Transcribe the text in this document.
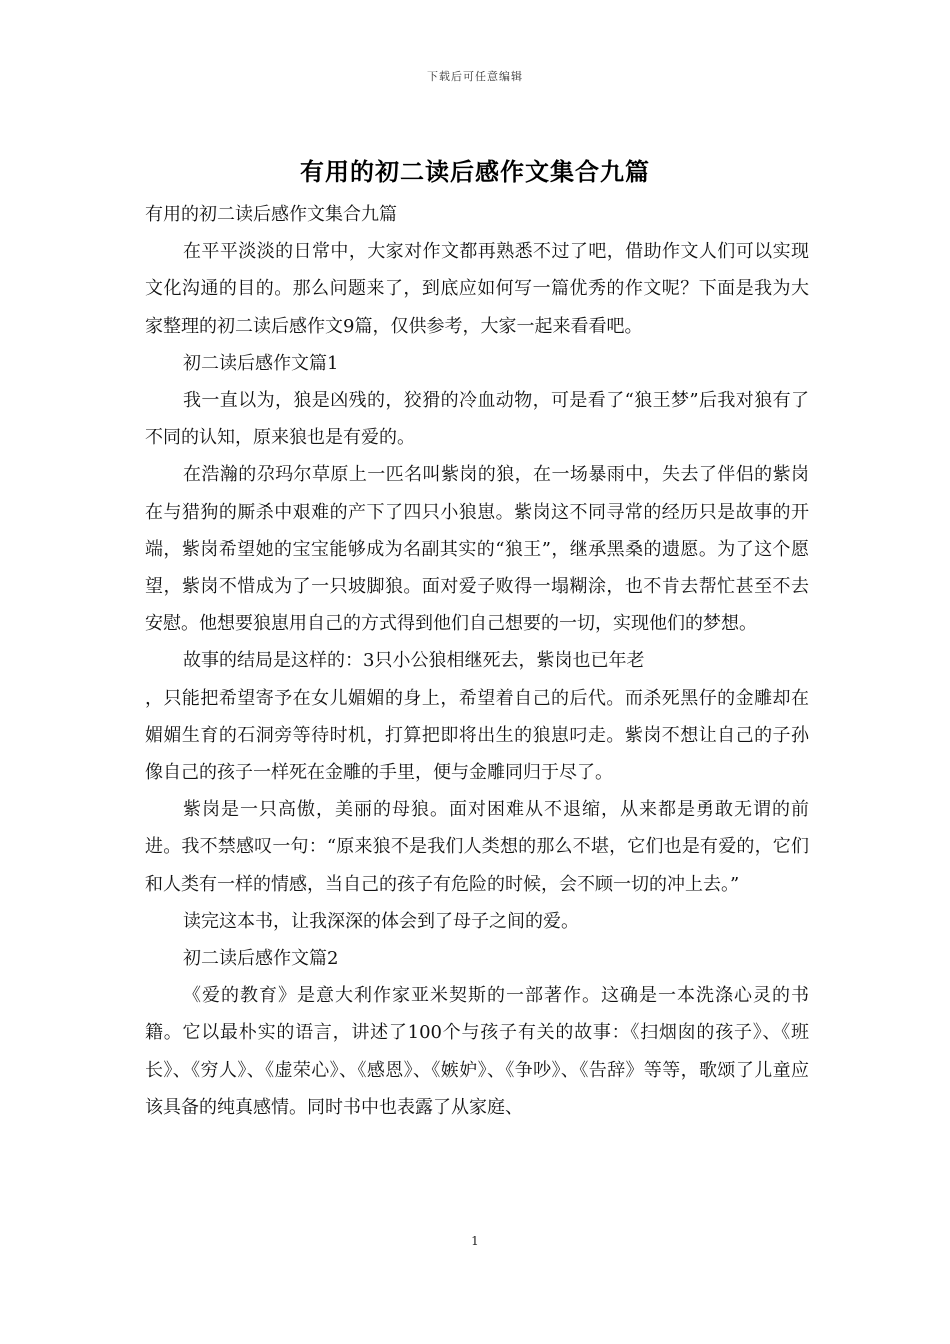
下载后可任意编辑
有用的初二读后感作文集合九篇

有用的初二读后感作文集合九篇

在平平淡淡的日常中，大家对作文都再熟悉不过了吧，借助作文人们可以实现文化沟通的目的。那么问题来了，到底应如何写一篇优秀的作文呢？下面是我为大家整理的初二读后感作文9篇，仅供参考，大家一起来看看吧。

初二读后感作文篇1

我一直以为，狼是凶残的，狡猾的冷血动物，可是看了“狼王梦”后我对狼有了不同的认知，原来狼也是有爱的。

在浩瀚的尕玛尔草原上一匹名叫紫岗的狼，在一场暴雨中，失去了伴侣的紫岗在与猎狗的厮杀中艰难的产下了四只小狼崽。紫岗这不同寻常的经历只是故事的开端，紫岗希望她的宝宝能够成为名副其实的“狼王”，继承黑桑的遗愿。为了这个愿望，紫岗不惜成为了一只坡脚狼。面对爱子败得一塌糊涂，也不肯去帮忙甚至不去安慰。他想要狼崽用自己的方式得到他们自己想要的一切，实现他们的梦想。

故事的结局是这样的：3只小公狼相继死去，紫岗也已年老

，只能把希望寄予在女儿媚媚的身上，希望着自己的后代。而杀死黑仔的金雕却在媚媚生育的石洞旁等待时机，打算把即将出生的狼崽叼走。紫岗不想让自己的子孙像自己的孩子一样死在金雕的手里，便与金雕同归于尽了。

紫岗是一只高傲，美丽的母狼。面对困难从不退缩，从来都是勇敢无谓的前进。我不禁感叹一句：“原来狼不是我们人类想的那么不堪，它们也是有爱的，它们和人类有一样的情感，当自己的孩子有危险的时候，会不顾一切的冲上去。”

读完这本书，让我深深的体会到了母子之间的爱。

初二读后感作文篇2

《爱的教育》是意大利作家亚米契斯的一部著作。这确是一本洗涤心灵的书籍。它以最朴实的语言，讲述了100个与孩子有关的故事：《扫烟囱的孩子》、《班长》、《穷人》、《虚荣心》、《感恩》、《嫉妒》、《争吵》、《告辞》等等，歌颂了儿童应该具备的纯真感情。同时书中也表露了从家庭、

1
